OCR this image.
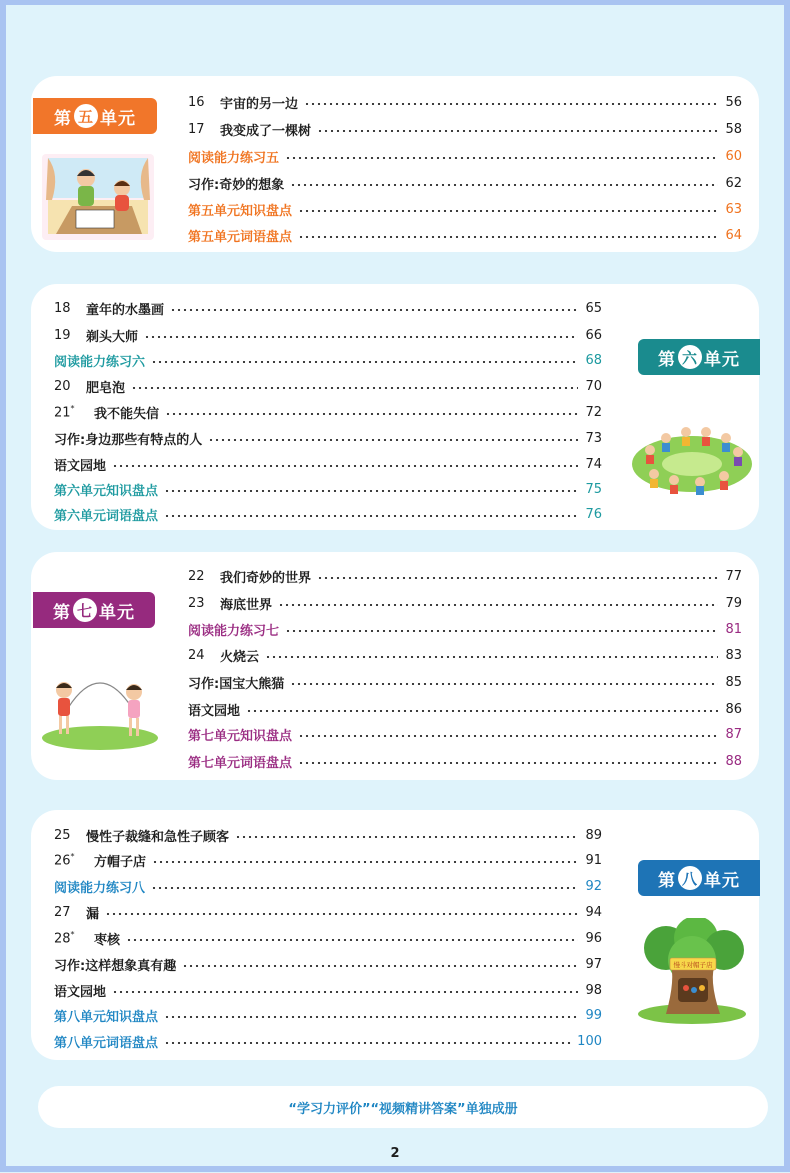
第 五 单元
16	宇宙的另一边	56
17	我变成了一棵树	58
阅读能力练习五	60
习作:奇妙的想象	62
第五单元知识盘点	63
第五单元词语盘点	64
第 六 单元
18	童年的水墨画	65
19	剃头大师	66
阅读能力练习六	68
20	肥皂泡	70
21*	我不能失信	72
习作:身边那些有特点的人	73
语文园地	74
第六单元知识盘点	75
第六单元词语盘点	76
第 七 单元
22	我们奇妙的世界	77
23	海底世界	79
阅读能力练习七	81
24	火烧云	83
习作:国宝大熊猫	85
语文园地	86
第七单元知识盘点	87
第七单元词语盘点	88
第 八 单元
慢斗对帽子店
25	慢性子裁缝和急性子顾客	89
26*	方帽子店	91
阅读能力练习八	92
27	漏	94
28*	枣核	96
习作:这样想象真有趣	97
语文园地	98
第八单元知识盘点	99
第八单元词语盘点	100
“学习力评价”“视频精讲答案”单独成册
2
